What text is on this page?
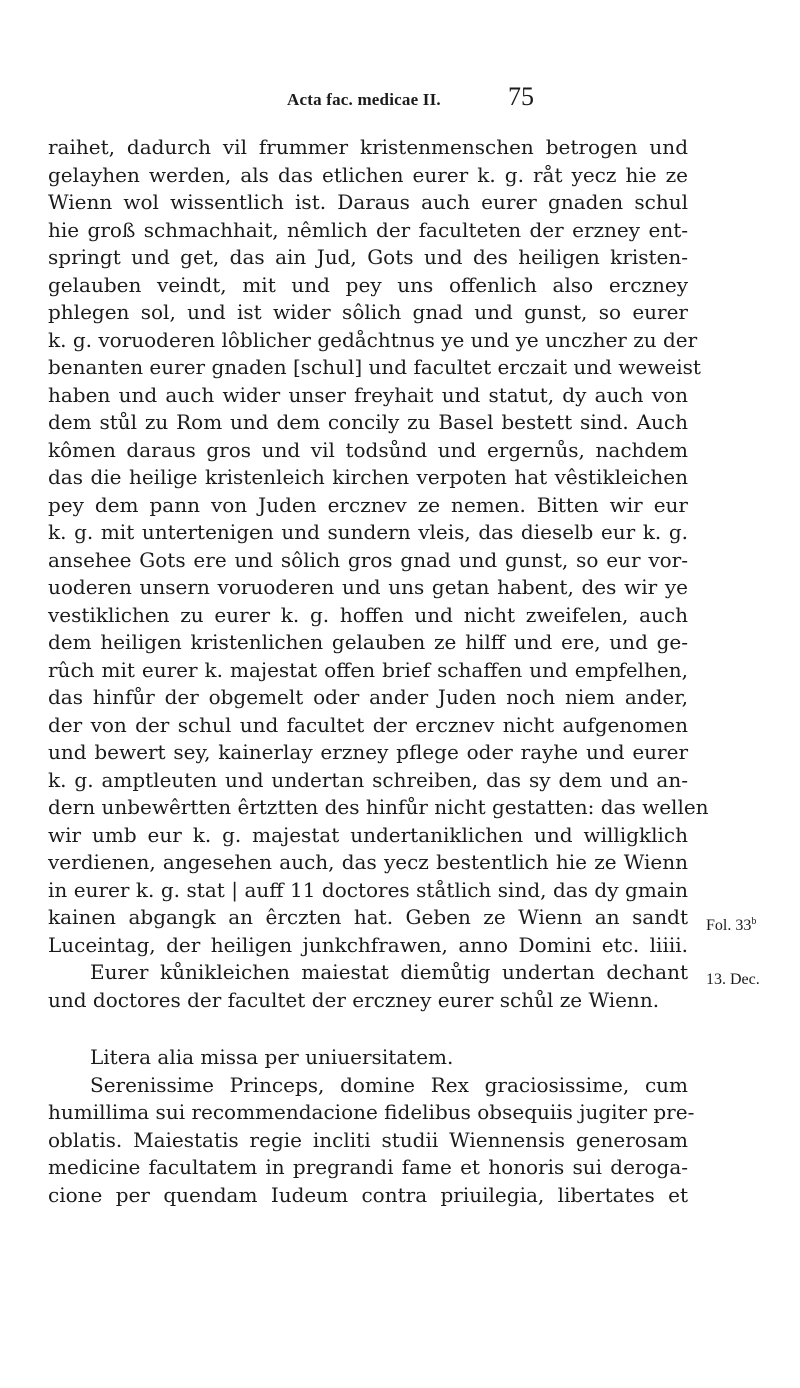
Acta fac. medicae II.	75
raihet, dadurch vil frummer kristenmenschen betrogen und
gelayhen werden, als das etlichen eurer k. g. råt yecz hie ze
Wienn wol wissentlich ist. Daraus auch eurer gnaden schul
hie groß schmachhait, nêmlich der faculteten der erzney ent-
springt und get, das ain Jud, Gots und des heiligen kristen-
gelauben veindt, mit und pey uns offenlich also erczney
phlegen sol, und ist wider sôlich gnad und gunst, so eurer
k. g. voruoderen lôblicher gedåchtnus ye und ye unczher zu der
benanten eurer gnaden [schul] und facultet erczait und weweist
haben und auch wider unser freyhait und statut, dy auch von
dem stůl zu Rom und dem concily zu Basel bestett sind. Auch
kômen daraus gros und vil todsůnd und ergernůs, nachdem
das die heilige kristenleich kirchen verpoten hat vêstikleichen
pey dem pann von Juden ercznev ze nemen. Bitten wir eur
k. g. mit untertenigen und sundern vleis, das dieselb eur k. g.
ansehee Gots ere und sôlich gros gnad und gunst, so eur vor-
uoderen unsern voruoderen und uns getan habent, des wir ye
vestiklichen zu eurer k. g. hoffen und nicht zweifelen, auch
dem heiligen kristenlichen gelauben ze hilff und ere, und ge-
rûch mit eurer k. majestat offen brief schaffen und empfelhen,
das hinfůr der obgemelt oder ander Juden noch niem ander,
der von der schul und facultet der ercznev nicht aufgenomen
und bewert sey, kainerlay erzney pflege oder rayhe und eurer
k. g. amptleuten und undertan schreiben, das sy dem und an-
dern unbewêrtten êrtztten des hinfůr nicht gestatten: das wellen
wir umb eur k. g. majestat undertaniklichen und willigklich
verdienen, angesehen auch, das yecz bestentlich hie ze Wienn
in eurer k. g. stat | auff 11 doctores ståtlich sind, das dy gmain
kainen abgangk an êrczten hat. Geben ze Wienn an sandt
Luceintag, der heiligen junkchfrawen, anno Domini etc. liiii.
Eurer kůnikleichen maiestat diemůtig undertan dechant
und doctores der facultet der erczney eurer schůl ze Wienn.
Litera alia missa per uniuersitatem.
Serenissime Princeps, domine Rex graciosissime, cum
humillima sui recommendacione fidelibus obsequiis jugiter pre-
oblatis. Maiestatis regie incliti studii Wiennensis generosam
medicine facultatem in pregrandi fame et honoris sui deroga-
cione per quendam Iudeum contra priuilegia, libertates et
Fol. 33$^b$
13. Dec.
